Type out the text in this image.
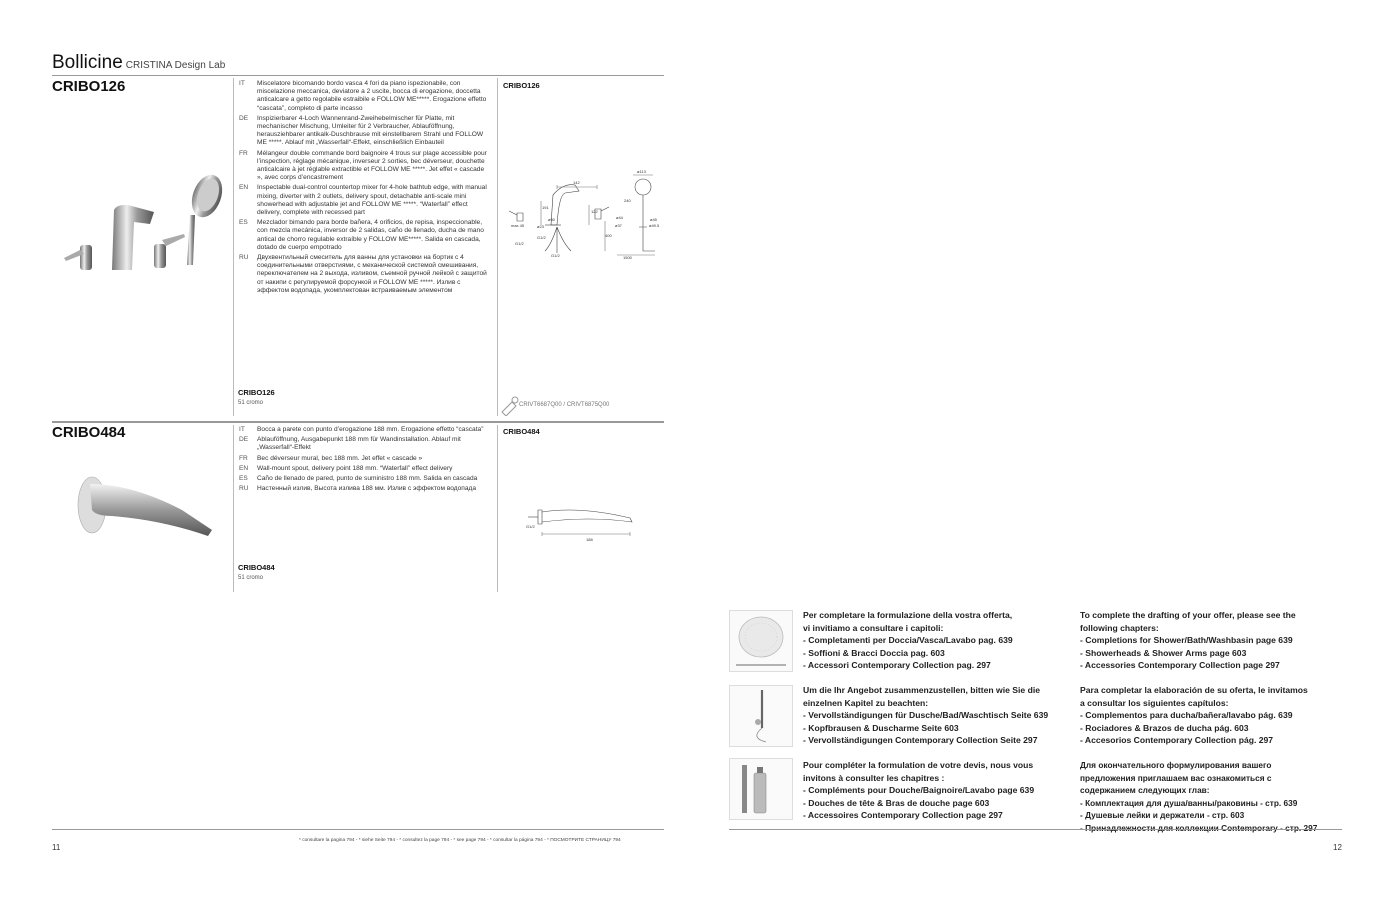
Bollicine CRISTINA Design Lab
CRIBO126	IT	Miscelatore bicomando bordo vasca 4 fori da piano ispezionabile, con miscelazione meccanica, deviatore a 2 uscite, bocca di erogazione, doccetta anticalcare a getto regolabile estraibile e FOLLOW ME*****. Erogazione effetto “cascata”, completo di parte incasso
DE	Inspizierbarer 4-Loch Wannenrand-Zweihebelmischer für Platte, mit mechanischer Mischung, Umleiter für 2 Verbraucher, Ablauföffnung, herausziehbarer antikalk-Duschbrause mit einstellbarem Strahl und FOLLOW ME *****. Ablauf mit „Wasserfall“-Effekt, einschließlich Einbauteil
FR	Mélangeur double commande bord baignoire 4 trous sur plage accessible pour l’inspection, réglage mécanique, inverseur 2 sorties, bec déverseur, douchette anticalcaire à jet réglable extractible et FOLLOW ME *****. Jet effet « cascade », avec corps d’encastrement
EN	Inspectable dual-control countertop mixer for 4-hole bathtub edge, with manual mixing, diverter with 2 outlets, delivery spout, detachable anti-scale mini showerhead with adjustable jet and FOLLOW ME *****. “Waterfall” effect delivery, complete with recessed part
ES	Mezclador bimando para borde bañera, 4 orificios, de repisa, inspeccionable, con mezcla mecánica, inversor de 2 salidas, caño de llenado, ducha de mano antical de chorro regulable extraíble y FOLLOW ME*****. Salida en cascada, dotado de cuerpo empotrado
RU	Двухвентильный смеситель для ванны для установки на бортик с 4 соединительными отверстиями, с механической системой смешивания, переключателем на 2 выхода, изливом, съемной ручной лейкой с защитой от накипи с регулируемой форсункой и FOLLOW ME *****. Излив с эффектом водопада, укомплектован встраиваемым элементом
CRIBO126
51 cromo
CRIBO126
142
ø113
240
191
122
400
ø50
ø23
ø44
ø37
ø45
ø49.5
max 45
G1/2
G1/2
G1/2	1500
CRIVT6687Q00 / CRIVT6875Q00
CRIBO484	IT	Bocca a parete con punto d’erogazione 188 mm. Erogazione effetto “cascata”
DE	Ablauföffnung, Ausgabepunkt 188 mm für Wandinstallation. Ablauf mit „Wasserfall“-Effekt
FR	Bec déverseur mural, bec 188 mm. Jet effet « cascade »
EN	Wall-mount spout, delivery point 188 mm. “Waterfall” effect delivery
ES	Caño de llenado de pared, punto de suministro 188 mm. Salida en cascada
RU	Настенный излив, Высота излива 188 мм. Излив с эффектом водопада
CRIBO484
51 cromo
CRIBO484
G1/2
188
* consultare la pagina 794 - * siehe Seite 794 - * consultez la page 794 - * see page 794 - * consultar la página 794 - * ПОСМОТРИТЕ СТРАНИЦУ 794
11
Per completare la formulazione della vostra offerta,
vi invitiamo a consultare i capitoli:
- Completamenti per Doccia/Vasca/Lavabo pag. 639
- Soffioni & Bracci Doccia pag. 603
- Accessori Contemporary Collection pag. 297
To complete the drafting of your offer, please see the
following chapters:
- Completions for Shower/Bath/Washbasin page 639
- Showerheads & Shower Arms page 603
- Accessories Contemporary Collection page 297
Um die Ihr Angebot zusammenzustellen, bitten wie Sie die
einzelnen Kapitel zu beachten:
- Vervollständigungen für Dusche/Bad/Waschtisch Seite 639
- Kopfbrausen & Duscharme Seite 603
- Vervollständigungen Contemporary Collection Seite 297
Para completar la elaboración de su oferta, le invitamos
a consultar los siguientes capítulos:
- Complementos para ducha/bañera/lavabo pág. 639
- Rociadores & Brazos de ducha pág. 603
- Accesorios Contemporary Collection pág. 297
Pour compléter la formulation de votre devis, nous vous
invitons à consulter les chapitres :
- Compléments pour Douche/Baignoire/Lavabo page 639
- Douches de tête & Bras de douche page 603
- Accessoires Contemporary Collection page 297
Для окончательного формулирования вашего
предложения приглашаем вас ознакомиться с
содержанием следующих глав:
- Комплектация для душа/ванны/раковины - стр. 639
- Душевые лейки и держатели - стр. 603
- Принадлежности для коллекции Contemporary - стр. 297
12
